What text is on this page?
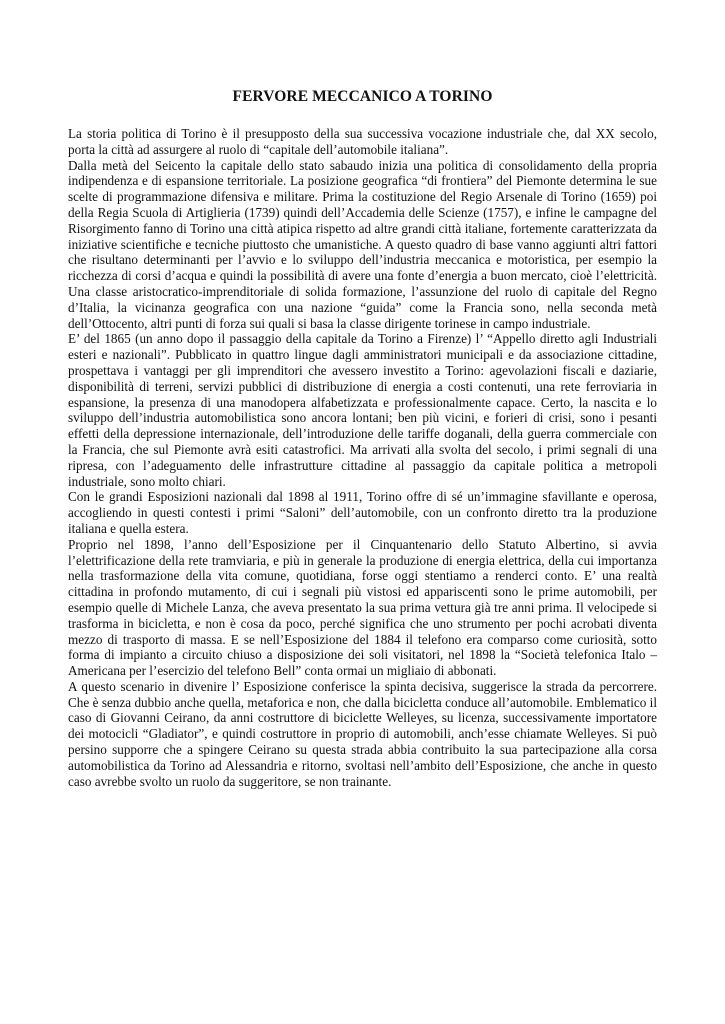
FERVORE MECCANICO A TORINO

La storia politica di Torino è il presupposto della sua successiva vocazione industriale che, dal XX secolo, porta la città ad assurgere al ruolo di “capitale dell’automobile italiana”.

Dalla metà del Seicento la capitale dello stato sabaudo inizia una politica di consolidamento della propria indipendenza e di espansione territoriale. La posizione geografica “di frontiera” del Piemonte determina le sue scelte di programmazione difensiva e militare. Prima la costituzione del Regio Arsenale di Torino (1659) poi della Regia Scuola di Artiglieria (1739) quindi dell’Accademia delle Scienze (1757), e infine le campagne del Risorgimento fanno di Torino una città atipica rispetto ad altre grandi città italiane, fortemente caratterizzata da iniziative scientifiche e tecniche piuttosto che umanistiche. A questo quadro di base vanno aggiunti altri fattori che risultano determinanti per l’avvio e lo sviluppo dell’industria meccanica e motoristica, per esempio la ricchezza di corsi d’acqua e quindi la possibilità di avere una fonte d’energia a buon mercato, cioè l’elettricità. Una classe aristocratico-imprenditoriale di solida formazione, l’assunzione del ruolo di capitale del Regno d’Italia, la vicinanza geografica con una nazione “guida” come la Francia sono, nella seconda metà dell’Ottocento, altri punti di forza sui quali si basa la classe dirigente torinese in campo industriale.

E’ del 1865 (un anno dopo il passaggio della capitale da Torino a Firenze) l’ “Appello diretto agli Industriali esteri e nazionali”. Pubblicato in quattro lingue dagli amministratori municipali e da associazione cittadine, prospettava i vantaggi per gli imprenditori che avessero investito a Torino: agevolazioni fiscali e daziarie, disponibilità di terreni, servizi pubblici di distribuzione di energia a costi contenuti, una rete ferroviaria in espansione, la presenza di una manodopera alfabetizzata e professionalmente capace. Certo, la nascita e lo sviluppo dell’industria automobilistica sono ancora lontani; ben più vicini, e forieri di crisi, sono i pesanti effetti della depressione internazionale, dell’introduzione delle tariffe doganali, della guerra commerciale con la Francia, che sul Piemonte avrà esiti catastrofici. Ma arrivati alla svolta del secolo, i primi segnali di una ripresa, con l’adeguamento delle infrastrutture cittadine al passaggio da capitale politica a metropoli industriale, sono molto chiari.

Con le grandi Esposizioni nazionali dal 1898 al 1911, Torino offre di sé un’immagine sfavillante e operosa, accogliendo in questi contesti i primi “Saloni” dell’automobile, con un confronto diretto tra la produzione italiana e quella estera.

Proprio nel 1898, l’anno dell’Esposizione per il Cinquantenario dello Statuto Albertino, si avvia l’elettrificazione della rete tramviaria, e più in generale la produzione di energia elettrica, della cui importanza nella trasformazione della vita comune, quotidiana, forse oggi stentiamo a renderci conto. E’ una realtà cittadina in profondo mutamento, di cui i segnali più vistosi ed appariscenti sono le prime automobili, per esempio quelle di Michele Lanza, che aveva presentato la sua prima vettura già tre anni prima. Il velocipede si trasforma in bicicletta, e non è cosa da poco, perché significa che uno strumento per pochi acrobati diventa mezzo di trasporto di massa. E se nell’Esposizione del 1884 il telefono era comparso come curiosità, sotto forma di impianto a circuito chiuso a disposizione dei soli visitatori, nel 1898 la “Società telefonica Italo – Americana per l’esercizio del telefono Bell” conta ormai un migliaio di abbonati.

A questo scenario in divenire l’ Esposizione conferisce la spinta decisiva, suggerisce la strada da percorrere. Che è senza dubbio anche quella, metaforica e non, che dalla bicicletta conduce all’automobile. Emblematico il caso di Giovanni Ceirano, da anni costruttore di biciclette Welleyes, su licenza, successivamente importatore dei motocicli “Gladiator”, e quindi costruttore in proprio di automobili, anch’esse chiamate Welleyes. Si può persino supporre che a spingere Ceirano su questa strada abbia contribuito la sua partecipazione alla corsa automobilistica da Torino ad Alessandria e ritorno, svoltasi nell’ambito dell’Esposizione, che anche in questo caso avrebbe svolto un ruolo da suggeritore, se non trainante.
